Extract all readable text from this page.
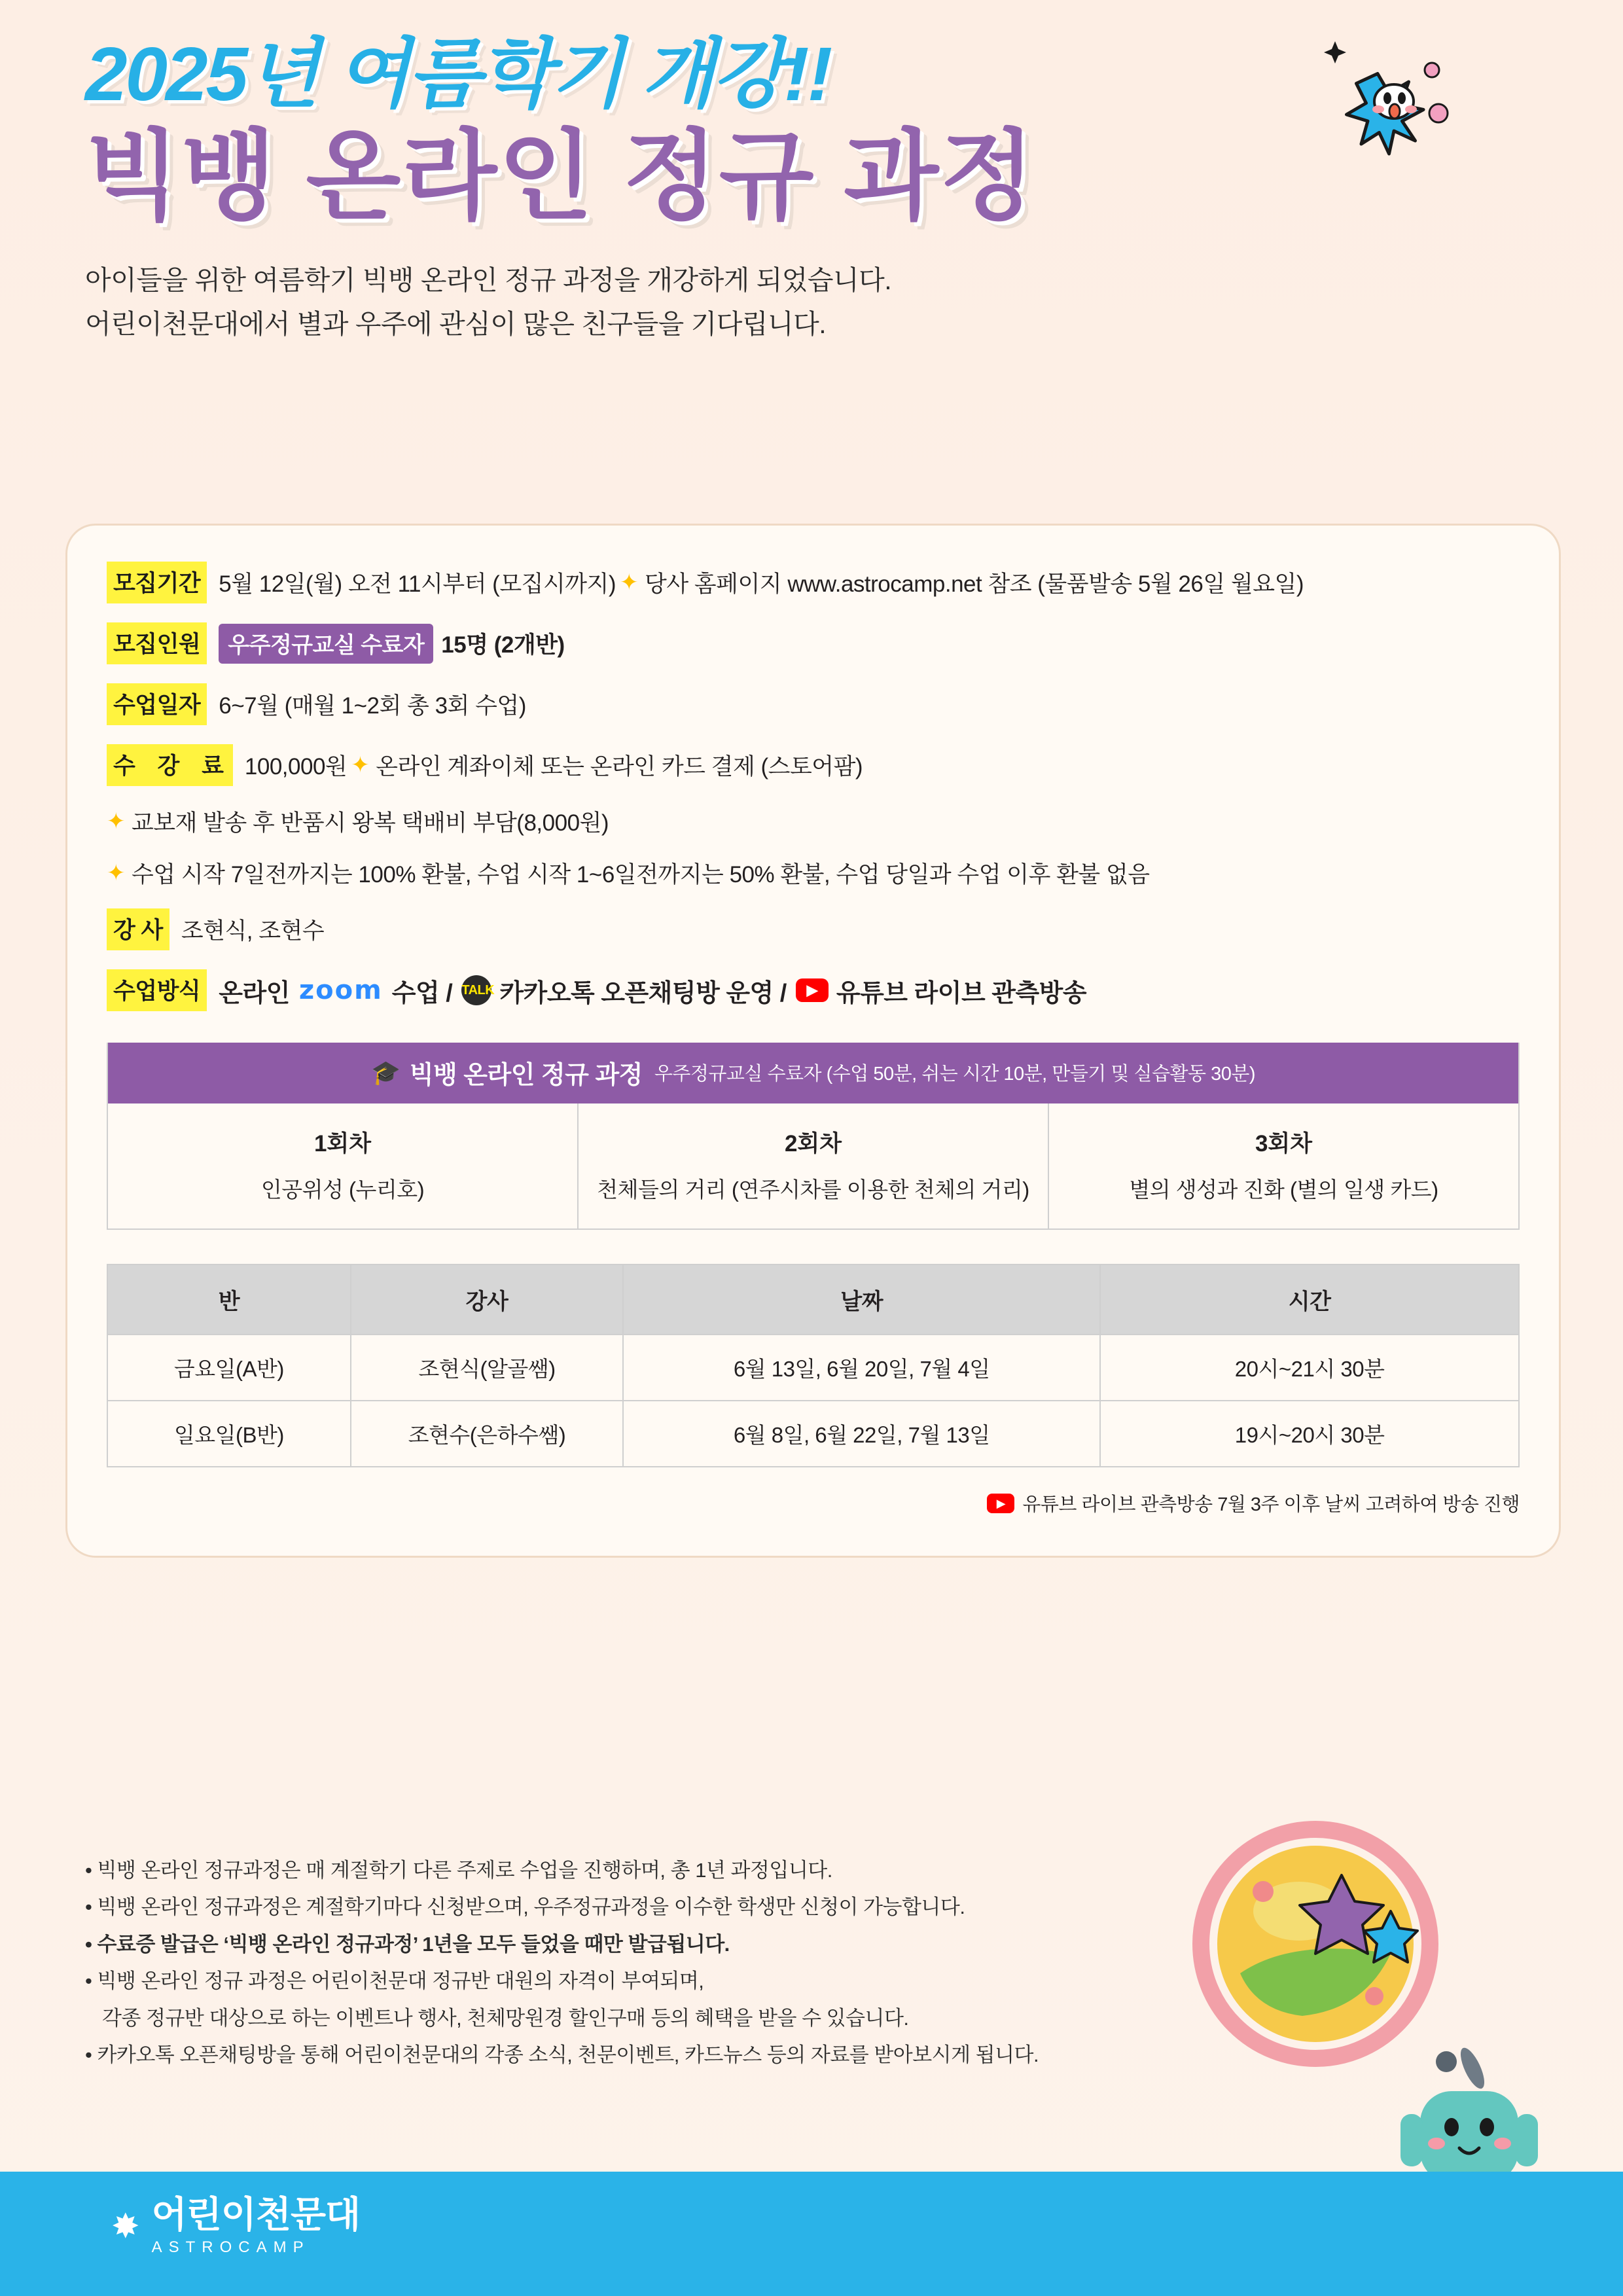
2025년 여름학기 개강!!
빅뱅 온라인 정규 과정
아이들을 위한 여름학기 빅뱅 온라인 정규 과정을 개강하게 되었습니다.
어린이천문대에서 별과 우주에 관심이 많은 친구들을 기다립니다.
모집기간 5월 12일(월) 오전 11시부터 (모집시까지) ✦ 당사 홈페이지 www.astrocamp.net 참조 (물품발송 5월 26일 월요일)
모집인원	우주정규교실 수료자 15명 (2개반)
수업일자 6~7월 (매월 1~2회 총 3회 수업)
수 강 료 100,000원 ✦ 온라인 계좌이체 또는 온라인 카드 결제 (스토어팜)
✦ 교보재 발송 후 반품시 왕복 택배비 부담(8,000원)
✦ 수업 시작 7일전까지는 100% 환불, 수업 시작 1~6일전까지는 50% 환불, 수업 당일과 수업 이후 환불 없음
강 사 조현식, 조현수
수업방식 온라인 zoom 수업 / TALK 카카오톡 오픈채팅방 운영 /	▶ 유튜브 라이브 관측방송
🎓 빅뱅 온라인 정규 과정 우주정규교실 수료자 (수업 50분, 쉬는 시간 10분, 만들기 및 실습활동 30분)
1회차
인공위성 (누리호)
2회차
천체들의 거리 (연주시차를 이용한 천체의 거리)
3회차
별의 생성과 진화 (별의 일생 카드)
반	강사	날짜	시간
금요일(A반)	조현식(알골쌤)	6월 13일, 6월 20일, 7월 4일	20시~21시 30분
일요일(B반)	조현수(은하수쌤)	6월 8일, 6월 22일, 7월 13일	19시~20시 30분
▶ 유튜브 라이브 관측방송 7월 3주 이후 날씨 고려하여 방송 진행
• 빅뱅 온라인 정규과정은 매 계절학기 다른 주제로 수업을 진행하며, 총 1년 과정입니다.
• 빅뱅 온라인 정규과정은 계절학기마다 신청받으며, 우주정규과정을 이수한 학생만 신청이 가능합니다.
• 수료증 발급은 ‘빅뱅 온라인 정규과정’ 1년을 모두 들었을 때만 발급됩니다.
• 빅뱅 온라인 정규 과정은 어린이천문대 정규반 대원의 자격이 부여되며,
각종 정규반 대상으로 하는 이벤트나 행사, 천체망원경 할인구매 등의 혜택을 받을 수 있습니다.
• 카카오톡 오픈채팅방을 통해 어린이천문대의 각종 소식, 천문이벤트, 카드뉴스 등의 자료를 받아보시게 됩니다.
✸ 어린이천문대
ASTROCAMP
